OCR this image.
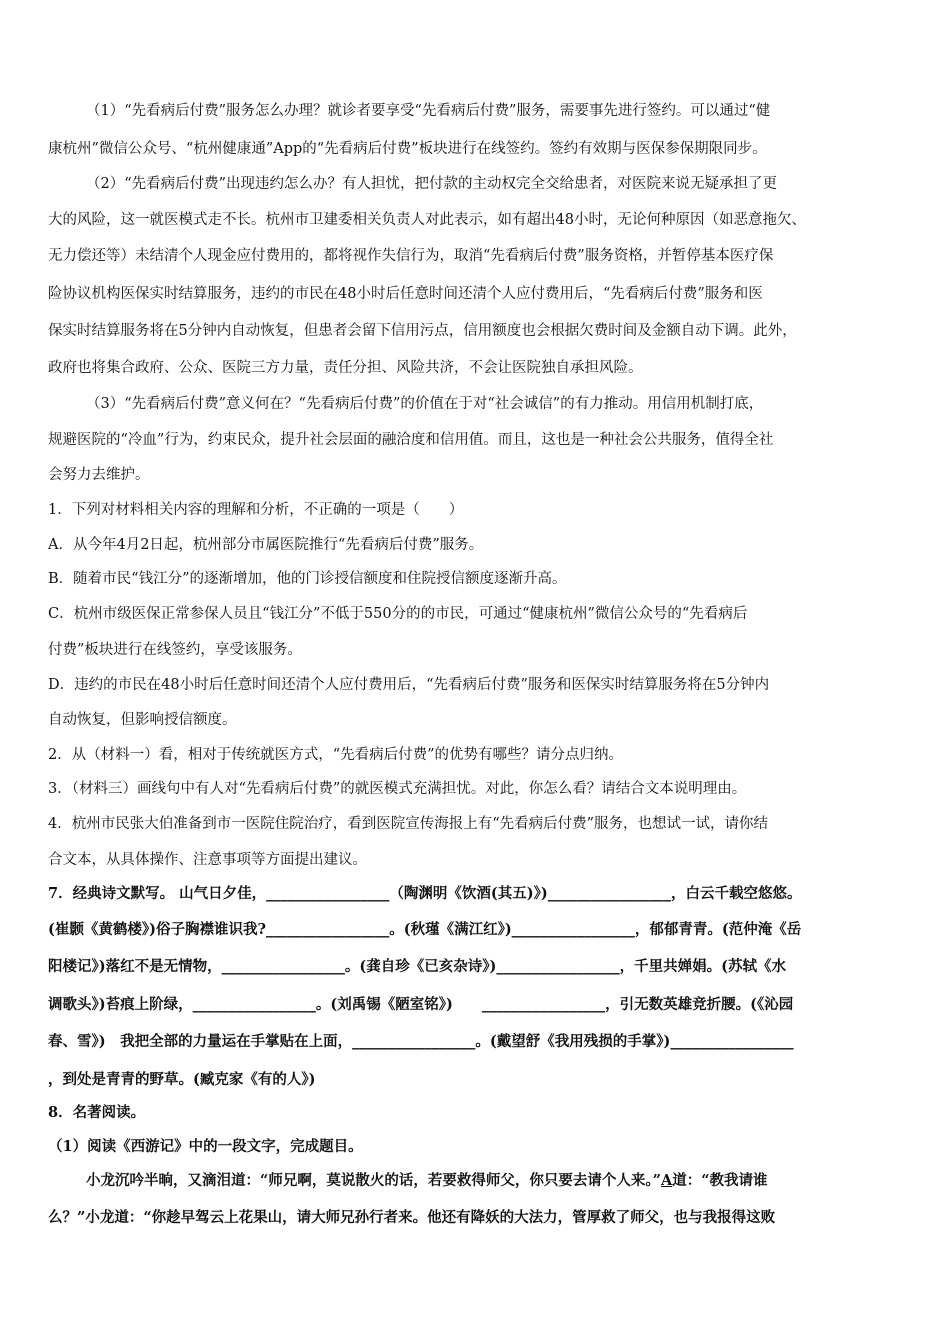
（1）“先看病后付费”服务怎么办理？就诊者要享受“先看病后付费”服务，需要事先进行签约。可以通过“健
康杭州”微信公众号、“杭州健康通”App的“先看病后付费”板块进行在线签约。签约有效期与医保参保期限同步。
（2）“先看病后付费”出现违约怎么办？有人担忧，把付款的主动权完全交给患者，对医院来说无疑承担了更
大的风险，这一就医模式走不长。杭州市卫建委相关负责人对此表示，如有超出48小时，无论何种原因（如恶意拖欠、
无力偿还等）未结清个人现金应付费用的，都将视作失信行为，取消“先看病后付费”服务资格，并暂停基本医疗保
险协议机构医保实时结算服务，违约的市民在48小时后任意时间还清个人应付费用后，“先看病后付费”服务和医
保实时结算服务将在5分钟内自动恢复，但患者会留下信用污点，信用额度也会根据欠费时间及金额自动下调。此外，
政府也将集合政府、公众、医院三方力量，责任分担、风险共济，不会让医院独自承担风险。
（3）“先看病后付费”意义何在？“先看病后付费”的价值在于对“社会诚信”的有力推动。用信用机制打底，
规避医院的“冷血”行为，约束民众，提升社会层面的融洽度和信用值。而且，这也是一种社会公共服务，值得全社
会努力去维护。
1．下列对材料相关内容的理解和分析，不正确的一项是（　　）
A．从今年4月2日起，杭州部分市属医院推行“先看病后付费”服务。
B．随着市民“钱江分”的逐渐增加，他的门诊授信额度和住院授信额度逐渐升高。
C．杭州市级医保正常参保人员且“钱江分”不低于550分的的市民，可通过“健康杭州”微信公众号的“先看病后
付费”板块进行在线签约，享受该服务。
D．违约的市民在48小时后任意时间还清个人应付费用后，“先看病后付费”服务和医保实时结算服务将在5分钟内
自动恢复，但影响授信额度。
2．从（材料一）看，相对于传统就医方式，“先看病后付费”的优势有哪些？请分点归纳。
3．（材料三）画线句中有人对“先看病后付费”的就医模式充满担忧。对此，你怎么看？请结合文本说明理由。
4．杭州市民张大伯准备到市一医院住院治疗，看到医院宣传海报上有“先看病后付费”服务，也想试一试，请你结
合文本，从具体操作、注意事项等方面提出建议。
7．经典诗文默写。 山气日夕佳，_________________（陶渊明《饮酒(其五)》)_________________，白云千载空悠悠。
(崔颢《黄鹤楼》)俗子胸襟谁识我?_________________。(秋瑾《满江红》)_________________，郁郁青青。(范仲淹《岳
阳楼记》)落红不是无情物，_________________。(龚自珍《已亥杂诗》)_________________，千里共婵娟。(苏轼《水
调歌头》)苔痕上阶绿，_________________。(刘禹锡《陋室铭》)　　_________________，引无数英雄竞折腰。(《沁园
春、雪》)　我把全部的力量运在手掌贴在上面，_________________。(戴望舒《我用残损的手掌》)_________________
，到处是青青的野草。(臧克家《有的人》)
8．名著阅读。
（1）阅读《西游记》中的一段文字，完成题目。
小龙沉吟半晌，又滴泪道：“师兄啊，莫说散火的话，若要救得师父，你只要去请个人来。”A道：“教我请谁
么？”小龙道：“你趁早驾云上花果山，请大师兄孙行者来。他还有降妖的大法力，管厚救了师父，也与我报得这败
